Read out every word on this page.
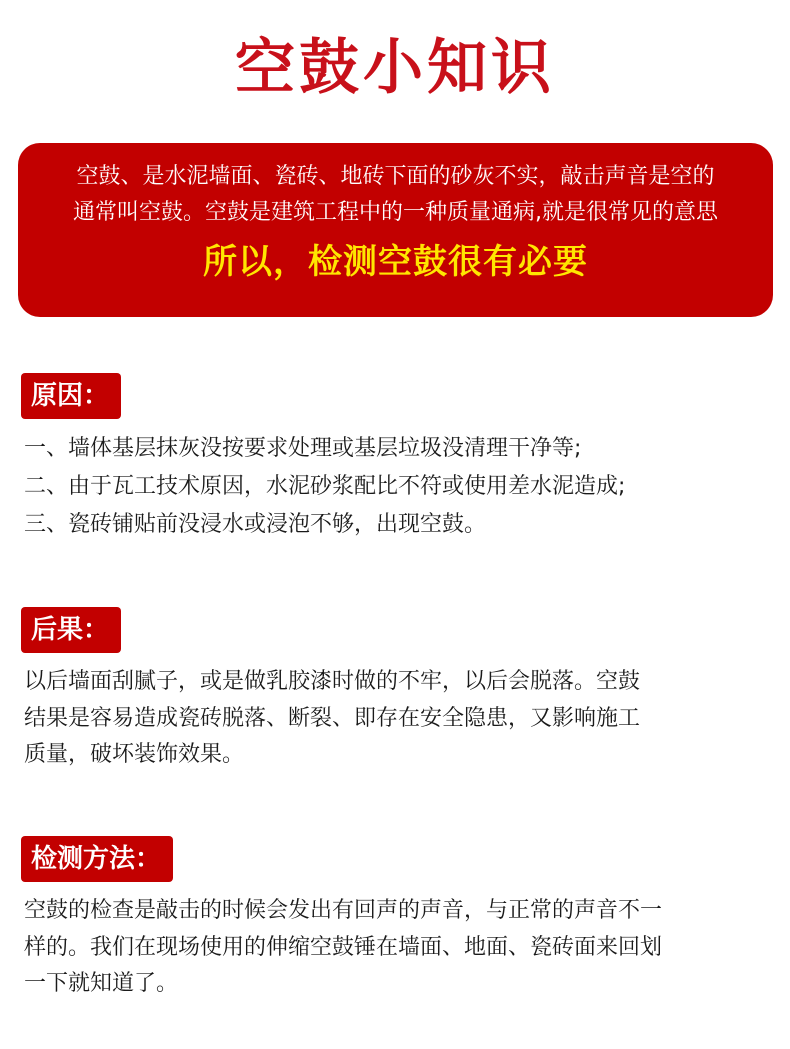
空鼓小知识
空鼓、是水泥墙面、瓷砖、地砖下面的砂灰不实，敲击声音是空的
通常叫空鼓。空鼓是建筑工程中的一种质量通病,就是很常见的意思
所以，检测空鼓很有必要
原因：
一、墙体基层抹灰没按要求处理或基层垃圾没清理干净等;
二、由于瓦工技术原因，水泥砂浆配比不符或使用差水泥造成;
三、瓷砖铺贴前没浸水或浸泡不够，出现空鼓。
后果：

以后墙面刮腻子，或是做乳胶漆时做的不牢，以后会脱落。空鼓
结果是容易造成瓷砖脱落、断裂、即存在安全隐患，又影响施工
质量，破坏装饰效果。

检测方法：

空鼓的检查是敲击的时候会发出有回声的声音，与正常的声音不一
样的。我们在现场使用的伸缩空鼓锤在墙面、地面、瓷砖面来回划
一下就知道了。
